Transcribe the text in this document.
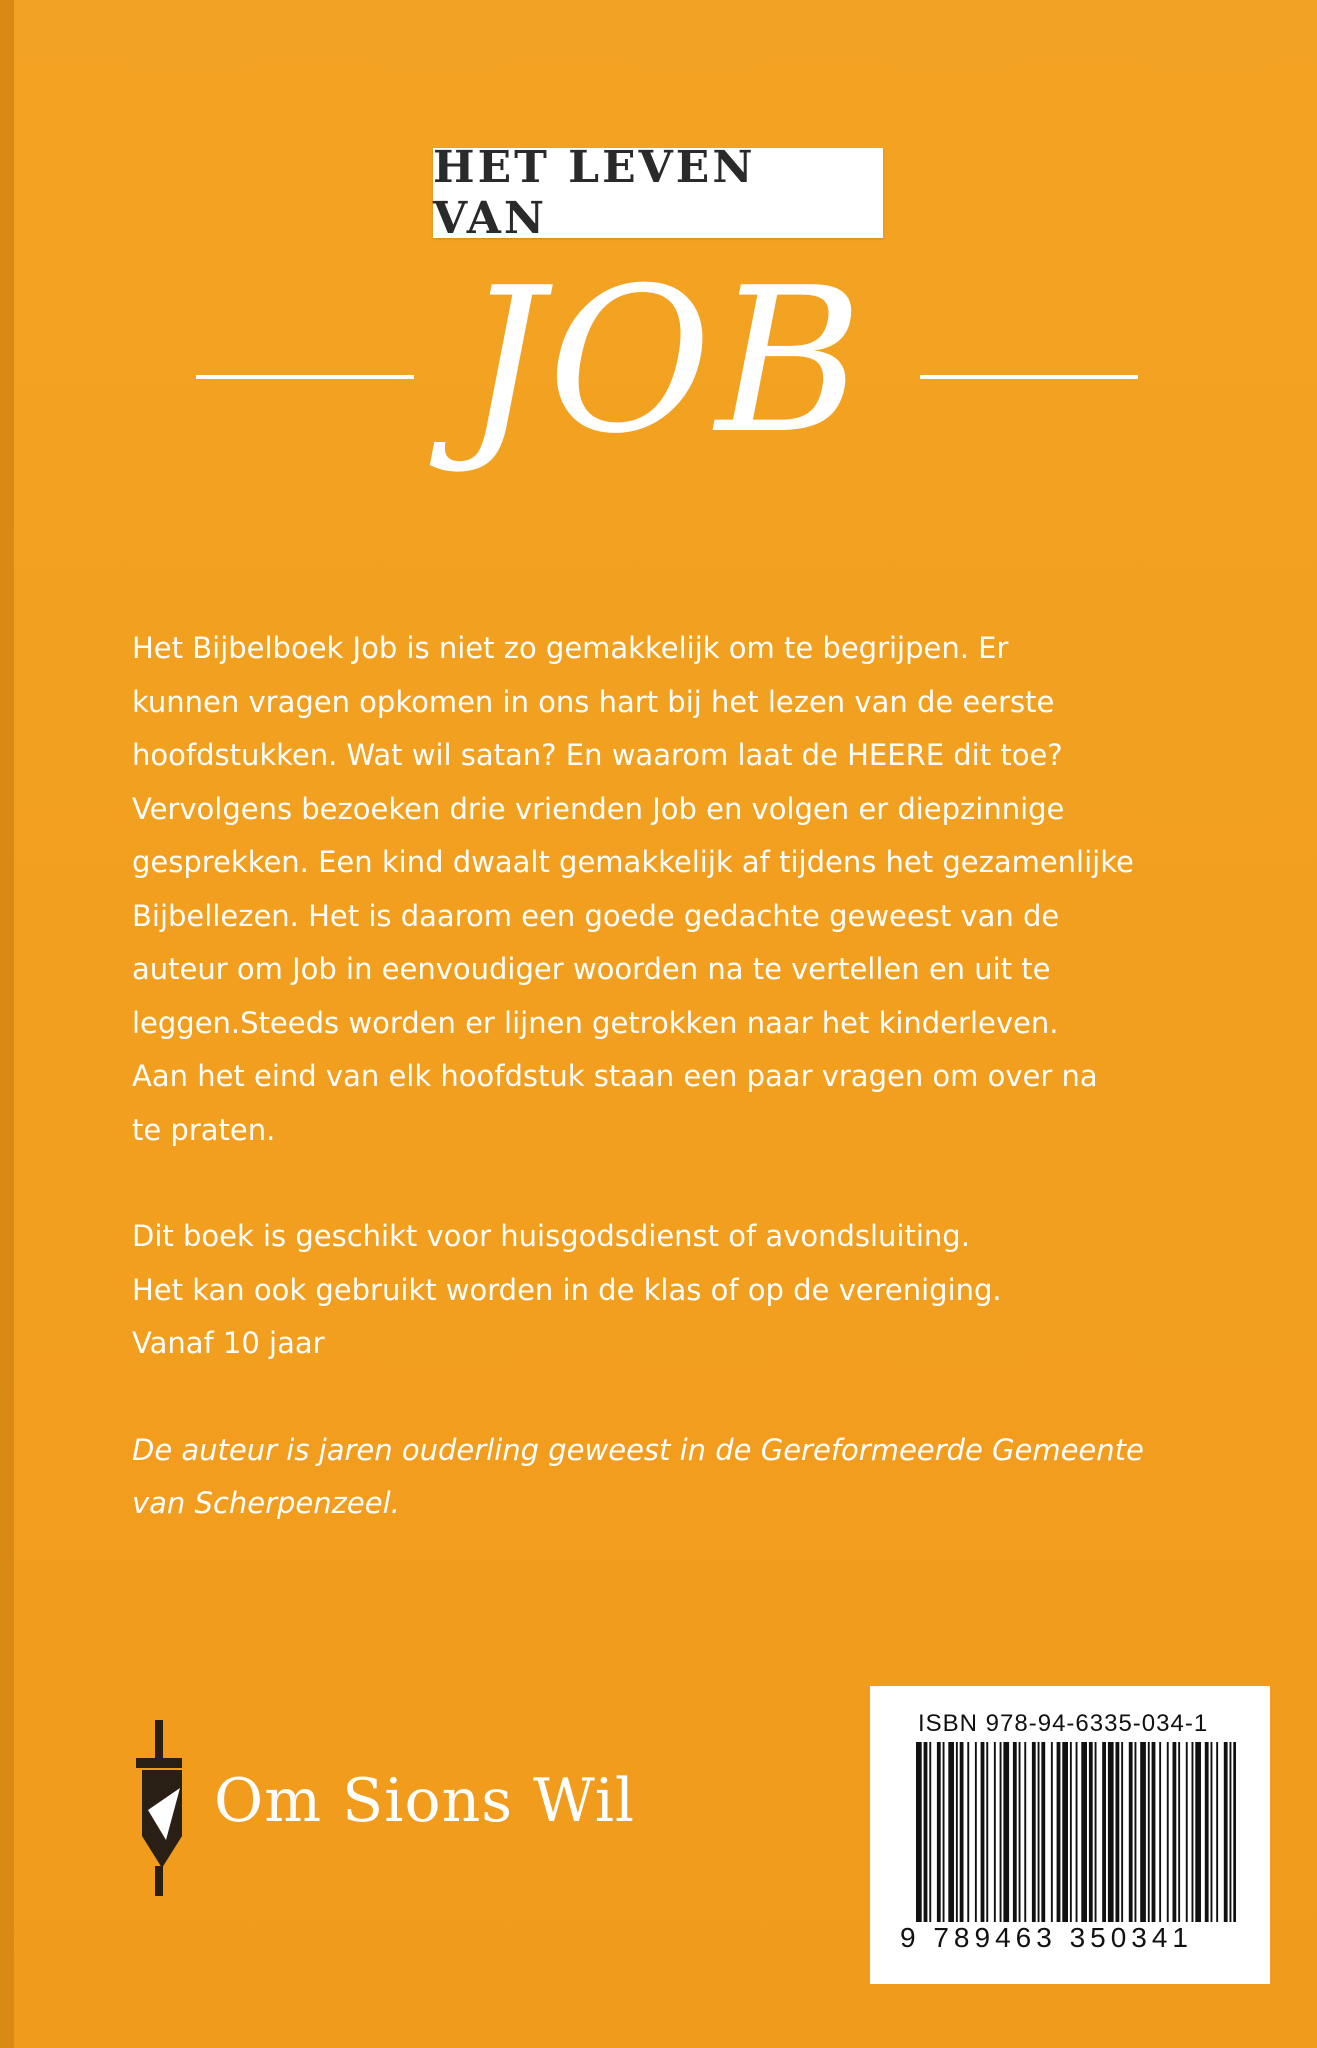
HET LEVEN VAN
JOB

Het Bijbelboek Job is niet zo gemakkelijk om te begrijpen. Er
kunnen vragen opkomen in ons hart bij het lezen van de eerste
hoofdstukken. Wat wil satan? En waarom laat de HEERE dit toe?
Vervolgens bezoeken drie vrienden Job en volgen er diepzinnige
gesprekken. Een kind dwaalt gemakkelijk af tijdens het gezamenlijke
Bijbellezen. Het is daarom een goede gedachte geweest van de
auteur om Job in eenvoudiger woorden na te vertellen en uit te
leggen.Steeds worden er lijnen getrokken naar het kinderleven.
Aan het eind van elk hoofdstuk staan een paar vragen om over na
te praten.

Dit boek is geschikt voor huisgodsdienst of avondsluiting.
Het kan ook gebruikt worden in de klas of op de vereniging.
Vanaf 10 jaar

De auteur is jaren ouderling geweest in de Gereformeerde Gemeente
van Scherpenzeel.

Om Sions Wil
ISBN 978-94-6335-034-1
9 789463 350341
